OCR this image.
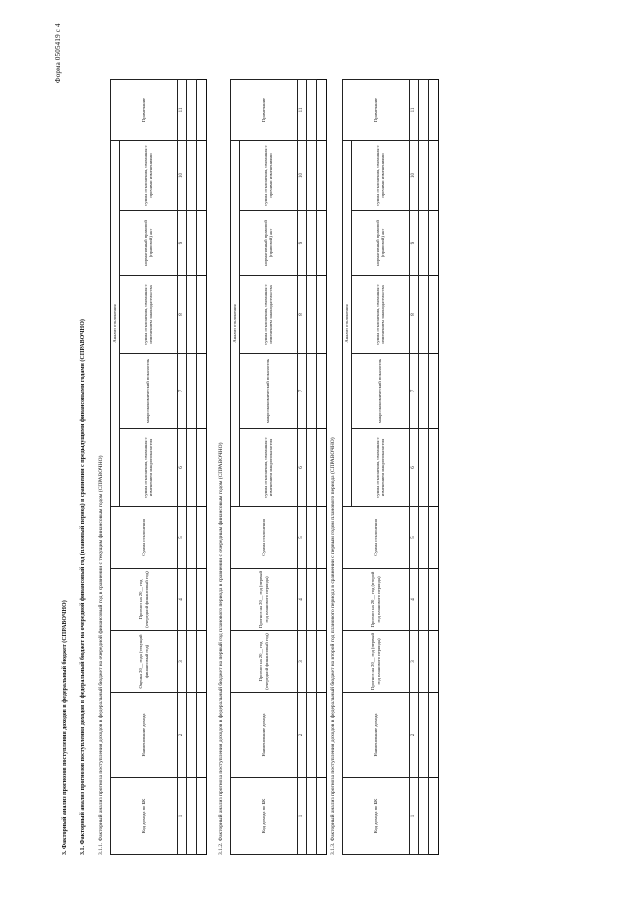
Форма 0505419 с 4
3. Факторный анализ прогнозов поступления доходов в федеральный бюджет (СПРАВОЧНО) 3.1. Факторный анализ прогнозов поступления доходов в федеральный бюджет на очередной финансовый год (плановый период) в сравнении с предыдущими финансовыми годами (СПРАВОЧНО) 3.1.1. Факторный анализ прогноза поступления доходов в федеральный бюджет на очередной финансовый год в сравнении с текущим финансовым годом (СПРАВОЧНО)	Код дохода по БК	Наименование дохода	Оценка 20__ года (текущий финансовый год)	Прогноз на 20__ год (очередной финансовый год)	Сумма отклонения	Анализ отклонения					Примечание
					сумма отклонения, связанная с изменением макропоказателя	макроэкономический показатель	сумма отклонения, связанная с изменением законодательства	нормативный правовой (правовой) акт	сумма отклонения, связанная с прочими изменениями	
1	2	3	4	5	6	7	8	9	10	11

3.1.2. Факторный анализ прогноза поступления доходов в федеральный бюджет на первый год планового периода в сравнении с очередным финансовым годом (СПРАВОЧНО)	Код дохода по БК	Наименование дохода	Прогноз на 20__ год (очередной финансовый год)	Прогноз на 20__ год (первый год планового периода)	Сумма отклонения	Анализ отклонения					Примечание
					сумма отклонения, связанная с изменением макропоказателя	макроэкономический показатель	сумма отклонения, связанная с изменением законодательства	нормативный правовой (правовой) акт	сумма отклонения, связанная с прочими изменениями	
1	2	3	4	5	6	7	8	9	10	11

3.1.3. Факторный анализ прогноза поступления доходов в федеральный бюджет на второй год планового периода в сравнении с первым годом планового периода (СПРАВОЧНО)	Код дохода по БК	Наименование дохода	Прогноз на 20__ год (первый год планового периода)	Прогноз на 20__ год (второй год планового периода)	Сумма отклонения	Анализ отклонения					Примечание
					сумма отклонения, связанная с изменением макропоказателя	макроэкономический показатель	сумма отклонения, связанная с изменением законодательства	нормативный правовой (правовой) акт	сумма отклонения, связанная с прочими изменениями	
1	2	3	4	5	6	7	8	9	10	11
